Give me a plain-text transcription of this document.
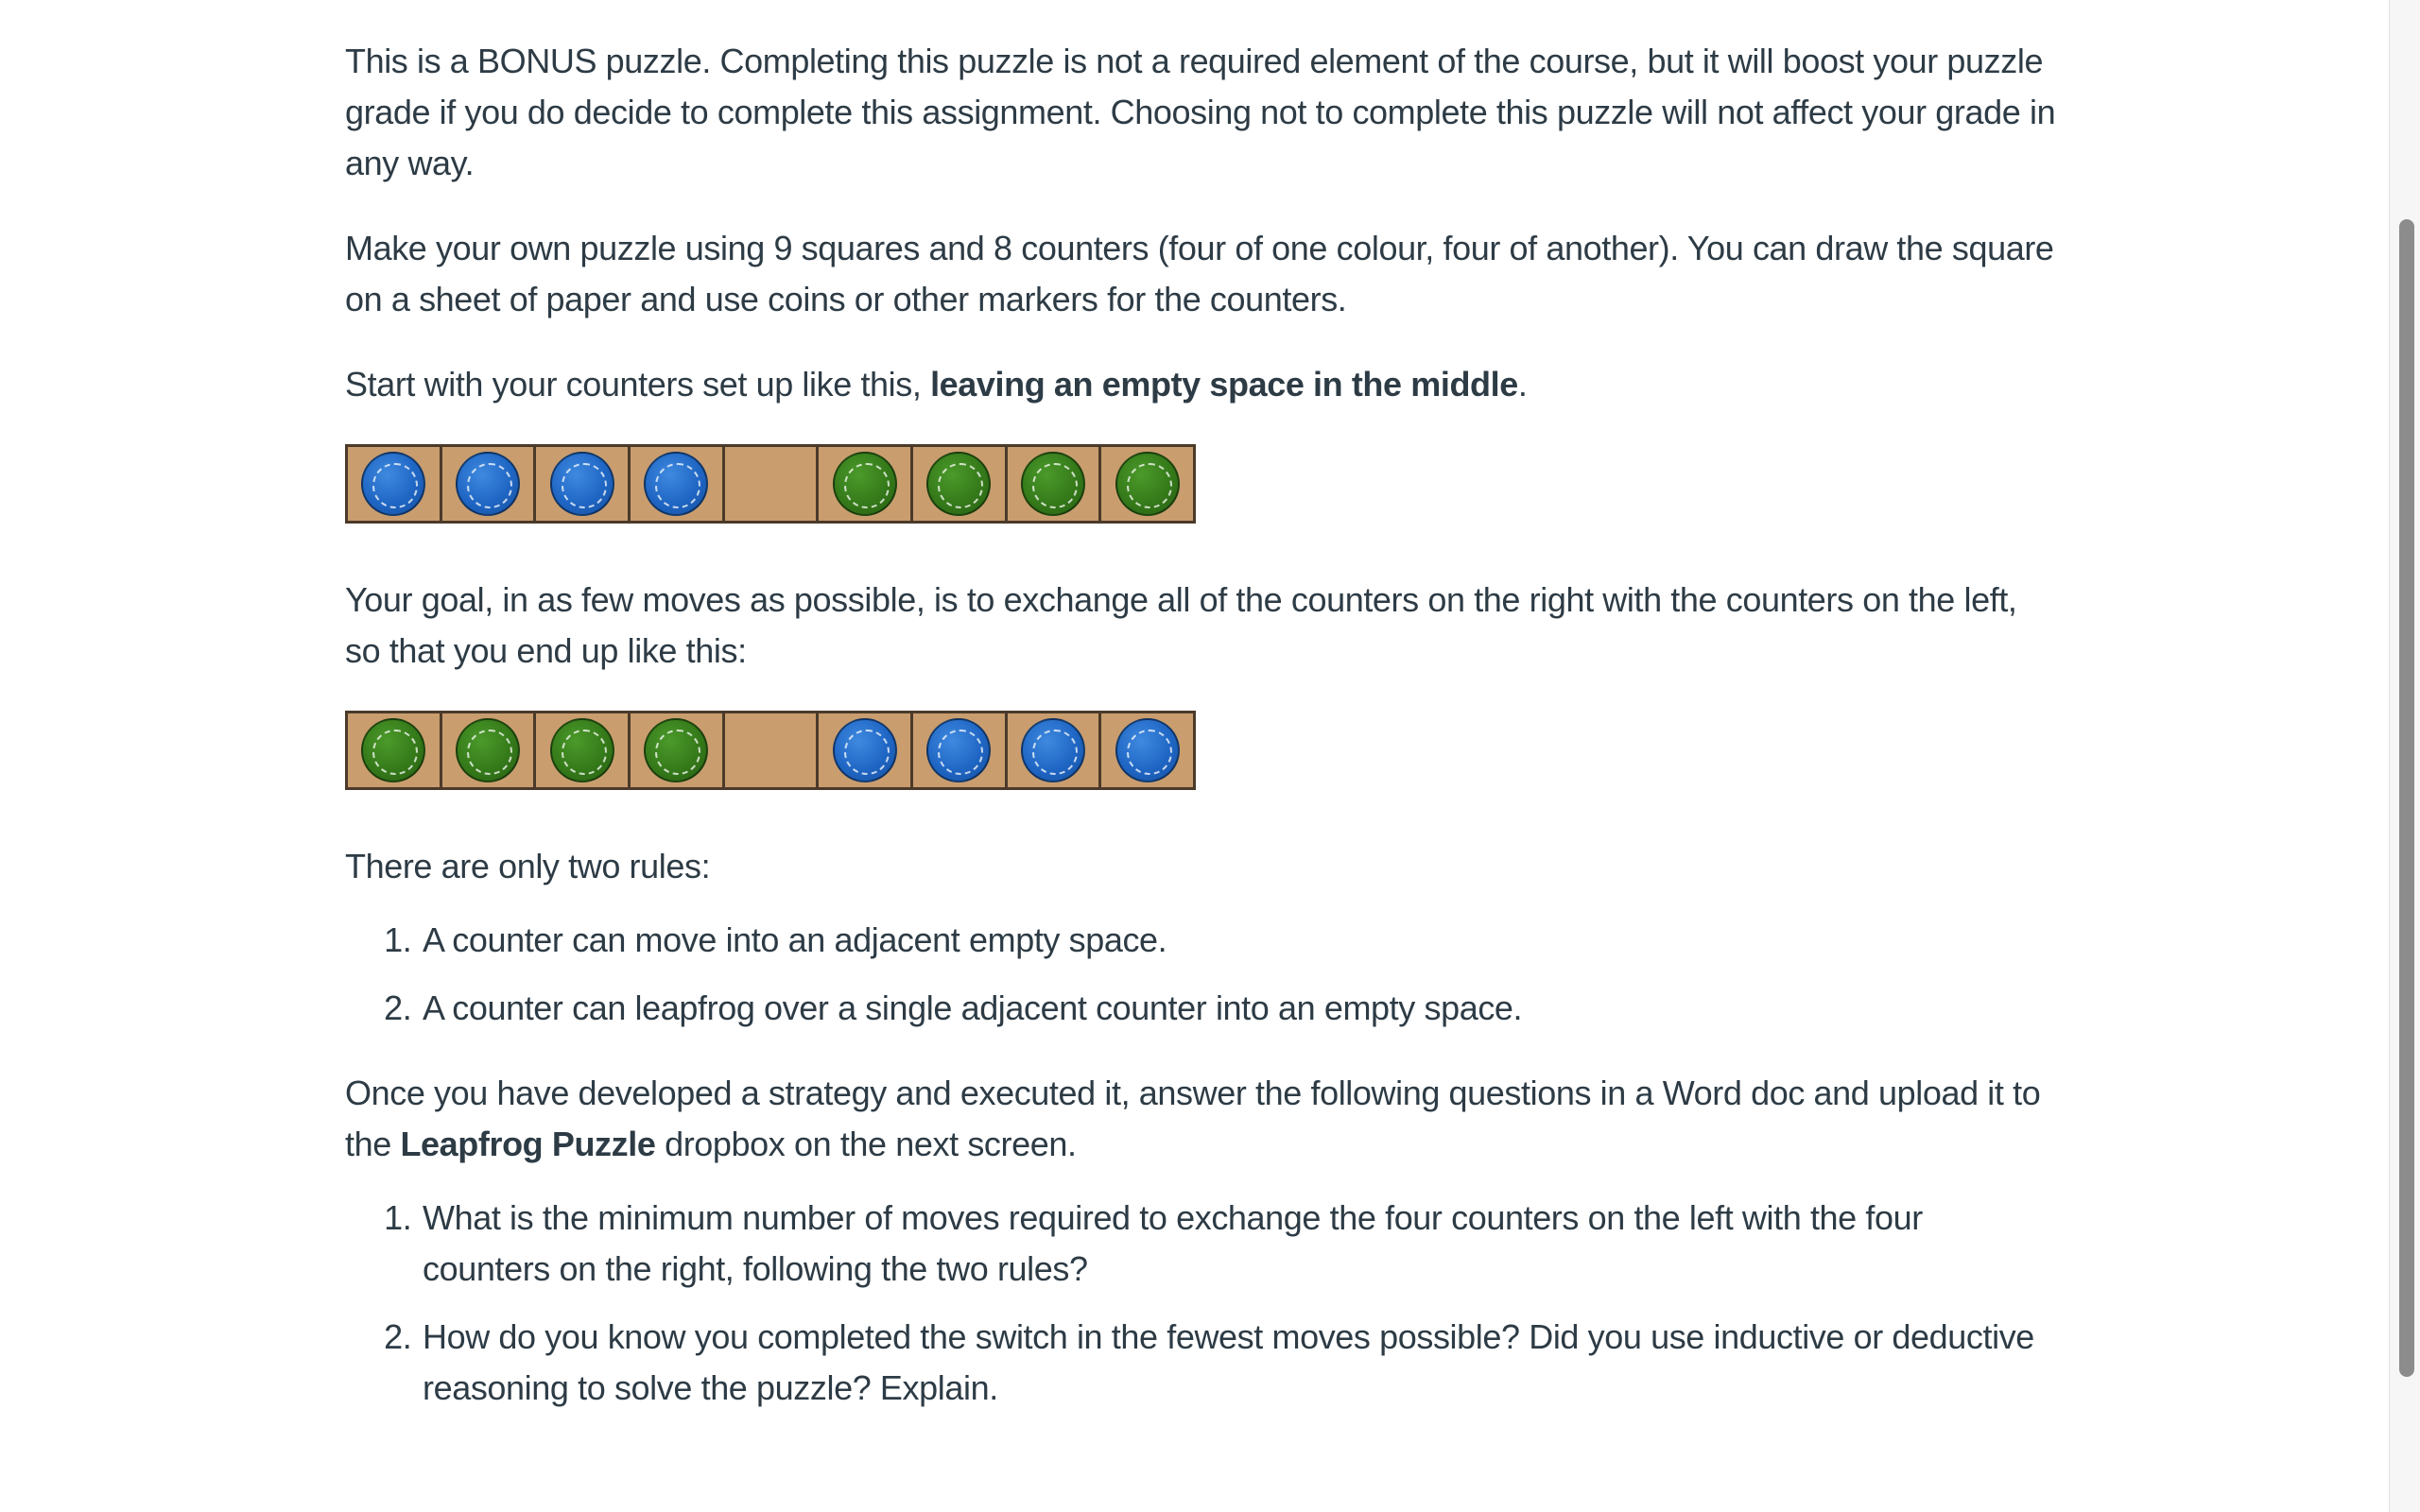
This is a BONUS puzzle. Completing this puzzle is not a required element of the course, but it will boost your puzzle grade if you do decide to complete this assignment. Choosing not to complete this puzzle will not affect your grade in any way.

Make your own puzzle using 9 squares and 8 counters (four of one colour, four of another). You can draw the square on a sheet of paper and use coins or other markers for the counters.

Start with your counters set up like this, leaving an empty space in the middle.

Your goal, in as few moves as possible, is to exchange all of the counters on the right with the counters on the left, so that you end up like this:

There are only two rules:

1. A counter can move into an adjacent empty space.
2. A counter can leapfrog over a single adjacent counter into an empty space.

Once you have developed a strategy and executed it, answer the following questions in a Word doc and upload it to the Leapfrog Puzzle dropbox on the next screen.

1. What is the minimum number of moves required to exchange the four counters on the left with the four counters on the right, following the two rules?
2. How do you know you completed the switch in the fewest moves possible? Did you use inductive or deductive reasoning to solve the puzzle? Explain.
